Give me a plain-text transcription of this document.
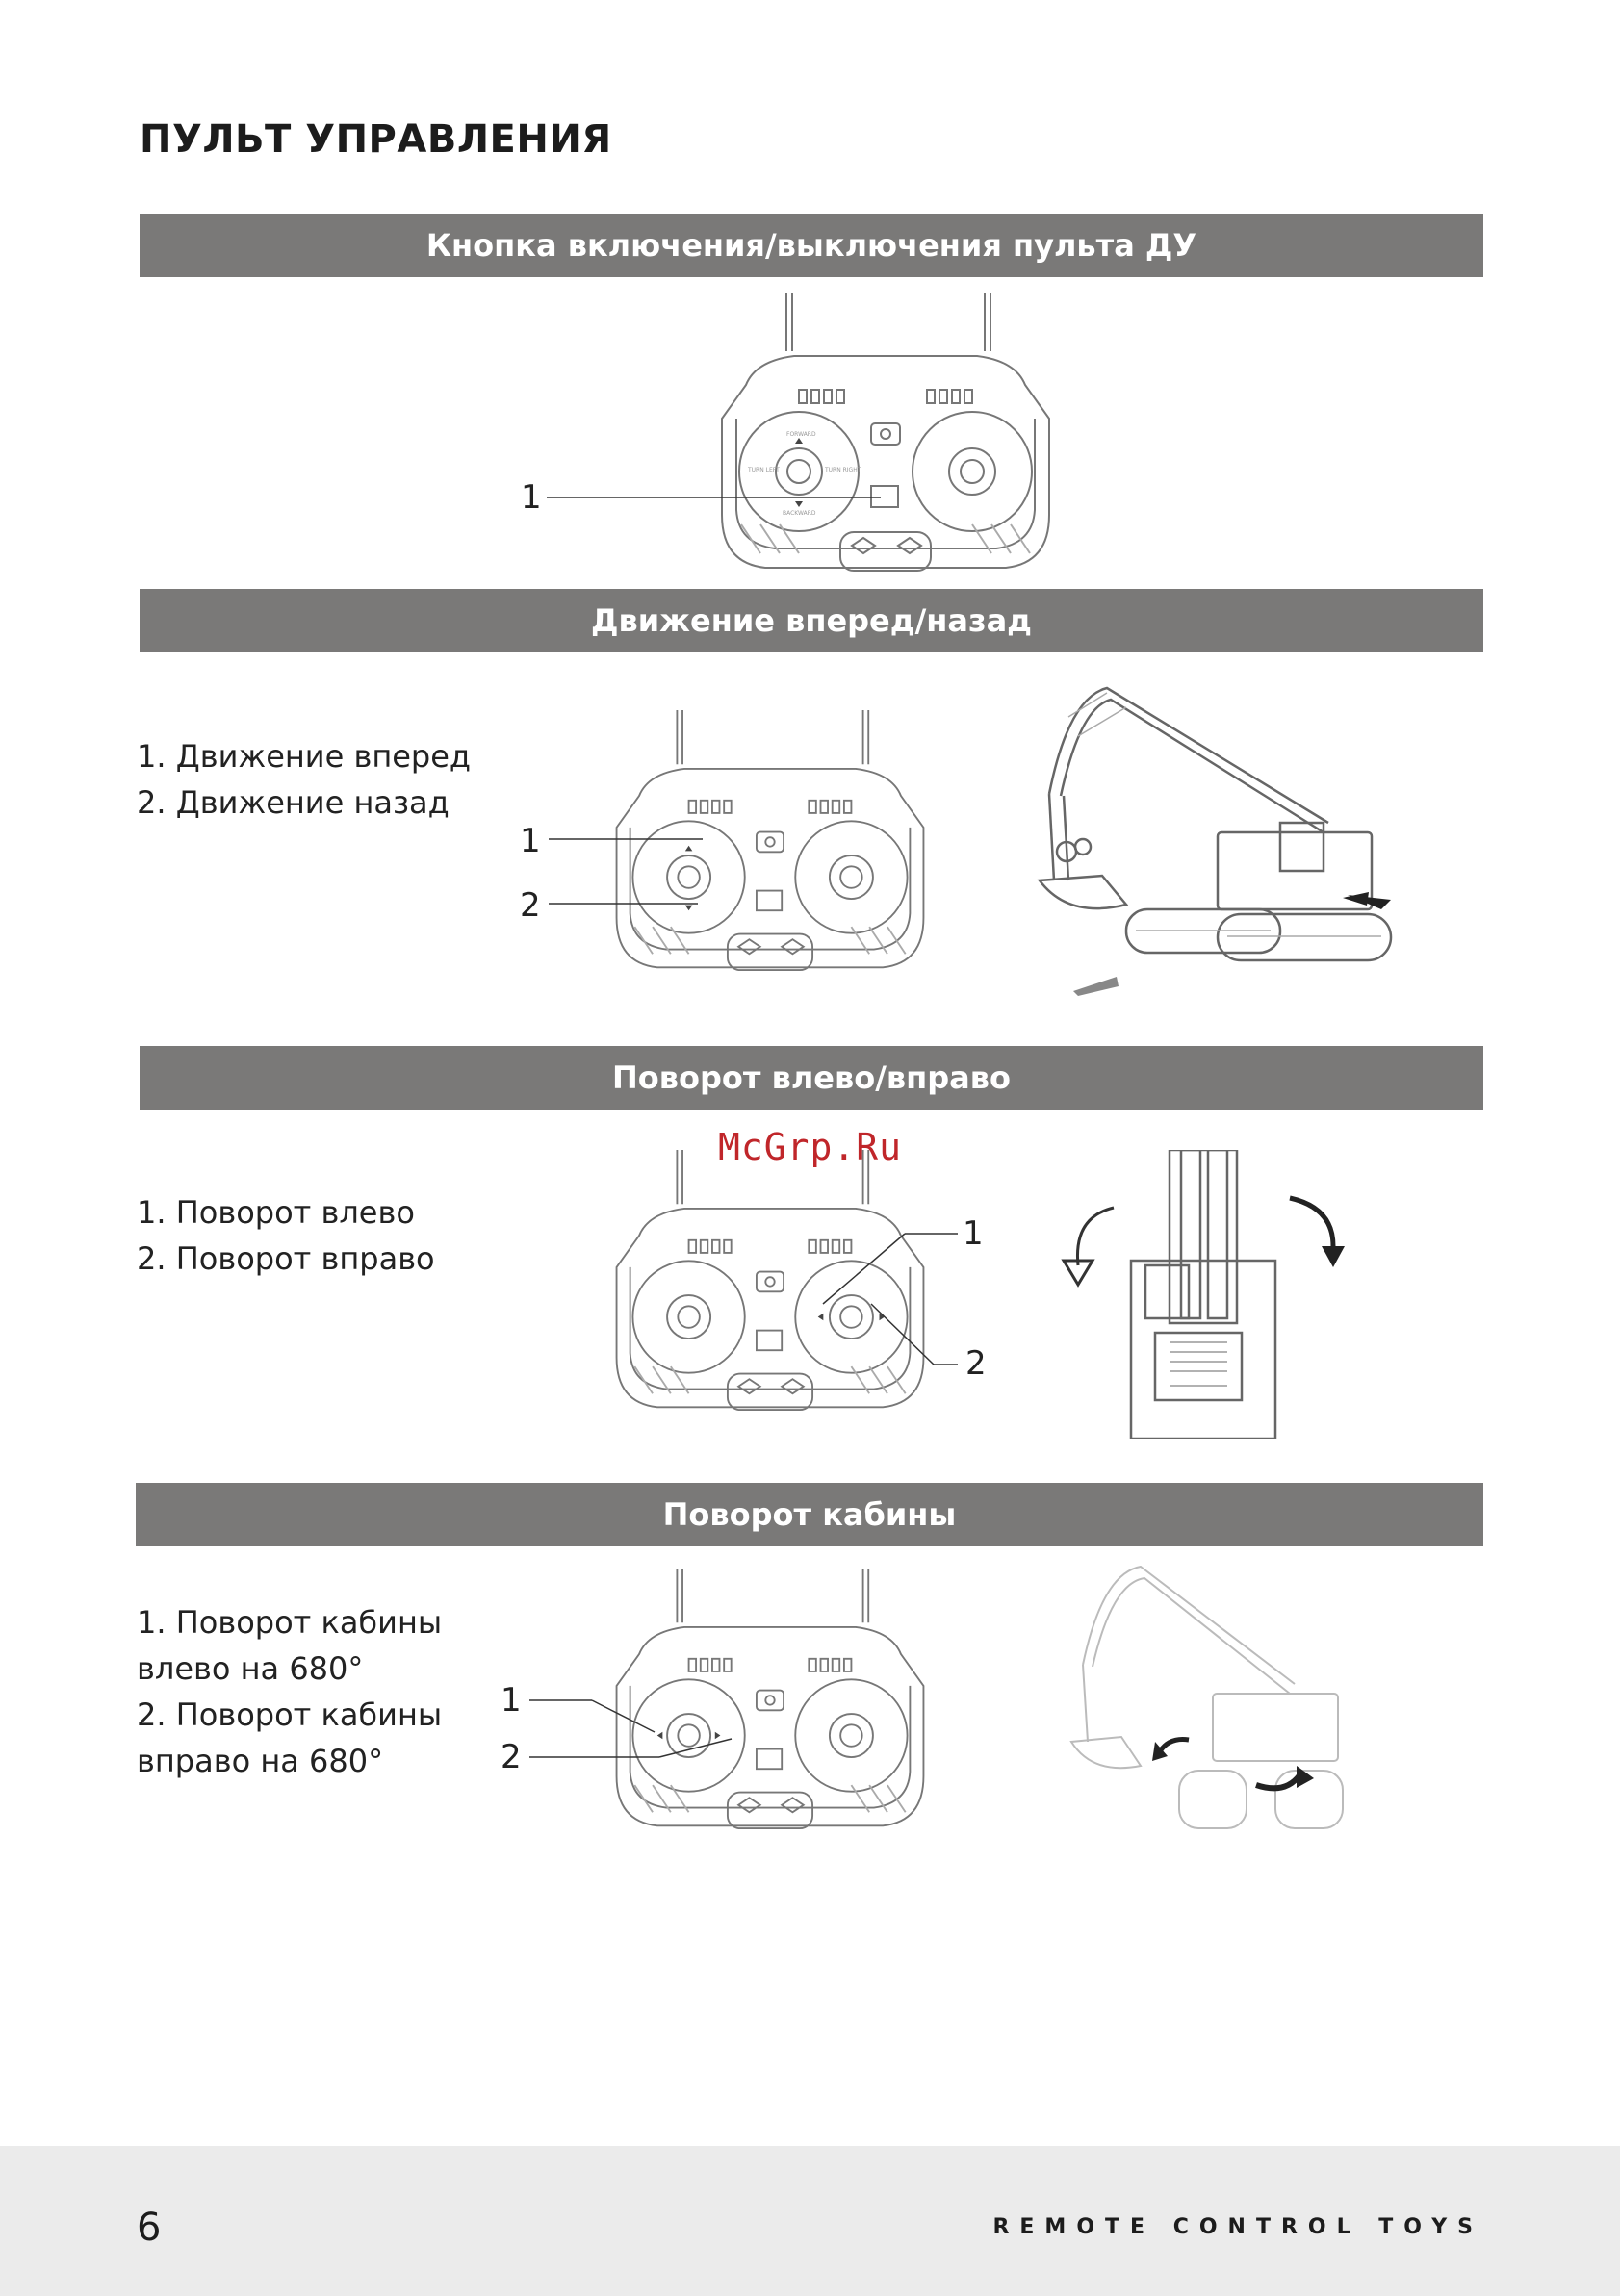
ПУЛЬТ УПРАВЛЕНИЯ
Кнопка включения/выключения пульта ДУ
FORWARD
BACKWARD
TURN LEFT	TURN RIGHT
1
Движение вперед/назад
1. Движение вперед
2. Движение назад
1
2
Поворот влево/вправо
McGrp.Ru
1. Поворот влево
2. Поворот вправо
1
2
Поворот кабины
1. Поворот кабины
влево на 680°
2. Поворот кабины
вправо на 680°
1
2
6	REMOTE CONTROL TOYS
